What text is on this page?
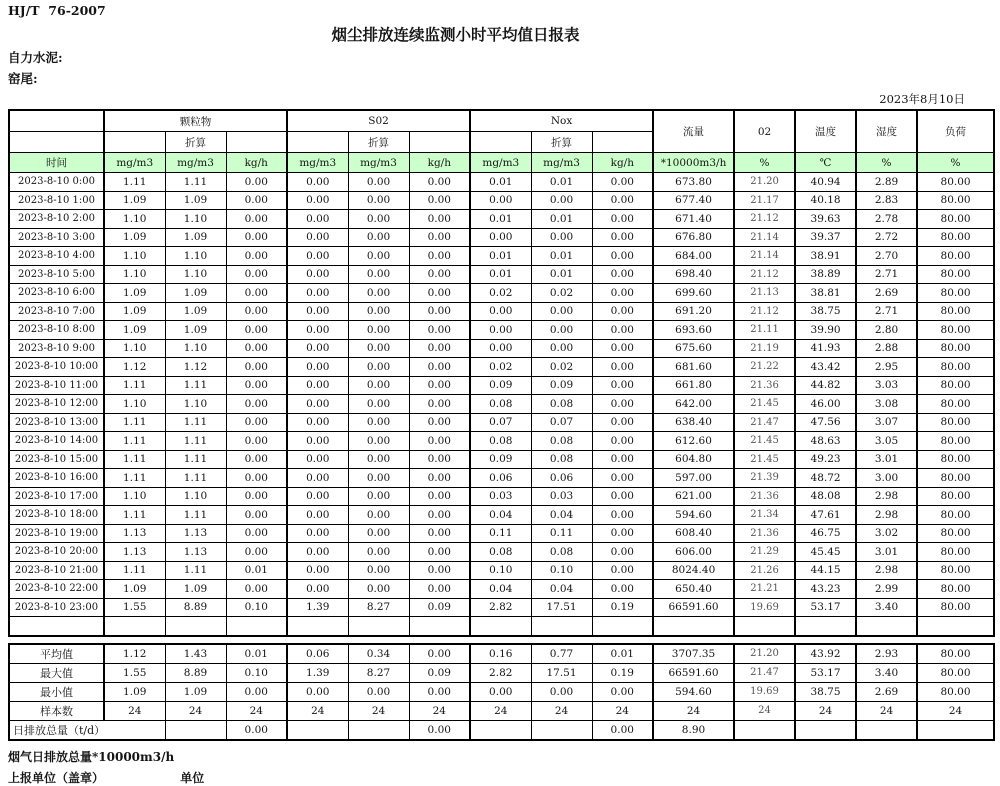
HJ/T  76-2007
烟尘排放连续监测小时平均值日报表
自力水泥:
窑尾:
2023年8月10日
	颗粒物			S02			Nox			流量	02	温度	湿度	负荷
		折算			折算			折算						
时间	mg/m3	mg/m3	kg/h	mg/m3	mg/m3	kg/h	mg/m3	mg/m3	kg/h	*10000m3/h	%	℃	%	%
2023-8-10 0:00	1.11	1.11	0.00	0.00	0.00	0.00	0.01	0.01	0.00	673.80	21.20	40.94	2.89	80.00
2023-8-10 1:00	1.09	1.09	0.00	0.00	0.00	0.00	0.00	0.00	0.00	677.40	21.17	40.18	2.83	80.00
2023-8-10 2:00	1.10	1.10	0.00	0.00	0.00	0.00	0.01	0.01	0.00	671.40	21.12	39.63	2.78	80.00
2023-8-10 3:00	1.09	1.09	0.00	0.00	0.00	0.00	0.00	0.00	0.00	676.80	21.14	39.37	2.72	80.00
2023-8-10 4:00	1.10	1.10	0.00	0.00	0.00	0.00	0.01	0.01	0.00	684.00	21.14	38.91	2.70	80.00
2023-8-10 5:00	1.10	1.10	0.00	0.00	0.00	0.00	0.01	0.01	0.00	698.40	21.12	38.89	2.71	80.00
2023-8-10 6:00	1.09	1.09	0.00	0.00	0.00	0.00	0.02	0.02	0.00	699.60	21.13	38.81	2.69	80.00
2023-8-10 7:00	1.09	1.09	0.00	0.00	0.00	0.00	0.00	0.00	0.00	691.20	21.12	38.75	2.71	80.00
2023-8-10 8:00	1.09	1.09	0.00	0.00	0.00	0.00	0.00	0.00	0.00	693.60	21.11	39.90	2.80	80.00
2023-8-10 9:00	1.10	1.10	0.00	0.00	0.00	0.00	0.00	0.00	0.00	675.60	21.19	41.93	2.88	80.00
2023-8-10 10:00	1.12	1.12	0.00	0.00	0.00	0.00	0.02	0.02	0.00	681.60	21.22	43.42	2.95	80.00
2023-8-10 11:00	1.11	1.11	0.00	0.00	0.00	0.00	0.09	0.09	0.00	661.80	21.36	44.82	3.03	80.00
2023-8-10 12:00	1.10	1.10	0.00	0.00	0.00	0.00	0.08	0.08	0.00	642.00	21.45	46.00	3.08	80.00
2023-8-10 13:00	1.11	1.11	0.00	0.00	0.00	0.00	0.07	0.07	0.00	638.40	21.47	47.56	3.07	80.00
2023-8-10 14:00	1.11	1.11	0.00	0.00	0.00	0.00	0.08	0.08	0.00	612.60	21.45	48.63	3.05	80.00
2023-8-10 15:00	1.11	1.11	0.00	0.00	0.00	0.00	0.09	0.08	0.00	604.80	21.45	49.23	3.01	80.00
2023-8-10 16:00	1.11	1.11	0.00	0.00	0.00	0.00	0.06	0.06	0.00	597.00	21.39	48.72	3.00	80.00
2023-8-10 17:00	1.10	1.10	0.00	0.00	0.00	0.00	0.03	0.03	0.00	621.00	21.36	48.08	2.98	80.00
2023-8-10 18:00	1.11	1.11	0.00	0.00	0.00	0.00	0.04	0.04	0.00	594.60	21.34	47.61	2.98	80.00
2023-8-10 19:00	1.13	1.13	0.00	0.00	0.00	0.00	0.11	0.11	0.00	608.40	21.36	46.75	3.02	80.00
2023-8-10 20:00	1.13	1.13	0.00	0.00	0.00	0.00	0.08	0.08	0.00	606.00	21.29	45.45	3.01	80.00
2023-8-10 21:00	1.11	1.11	0.01	0.00	0.00	0.00	0.10	0.10	0.00	8024.40	21.26	44.15	2.98	80.00
2023-8-10 22:00	1.09	1.09	0.00	0.00	0.00	0.00	0.04	0.04	0.00	650.40	21.21	43.23	2.99	80.00
2023-8-10 23:00	1.55	8.89	0.10	1.39	8.27	0.09	2.82	17.51	0.19	66591.60	19.69	53.17	3.40	80.00

平均值	1.12	1.43	0.01	0.06	0.34	0.00	0.16	0.77	0.01	3707.35	21.20	43.92	2.93	80.00
最大值	1.55	8.89	0.10	1.39	8.27	0.09	2.82	17.51	0.19	66591.60	21.47	53.17	3.40	80.00
最小值	1.09	1.09	0.00	0.00	0.00	0.00	0.00	0.00	0.00	594.60	19.69	38.75	2.69	80.00
样本数	24	24	24	24	24	24	24	24	24	24	24	24	24	24
日排放总量（t/d）			0.00			0.00			0.00	8.90				
烟气日排放总量*10000m3/h
上报单位（盖章）	单位
